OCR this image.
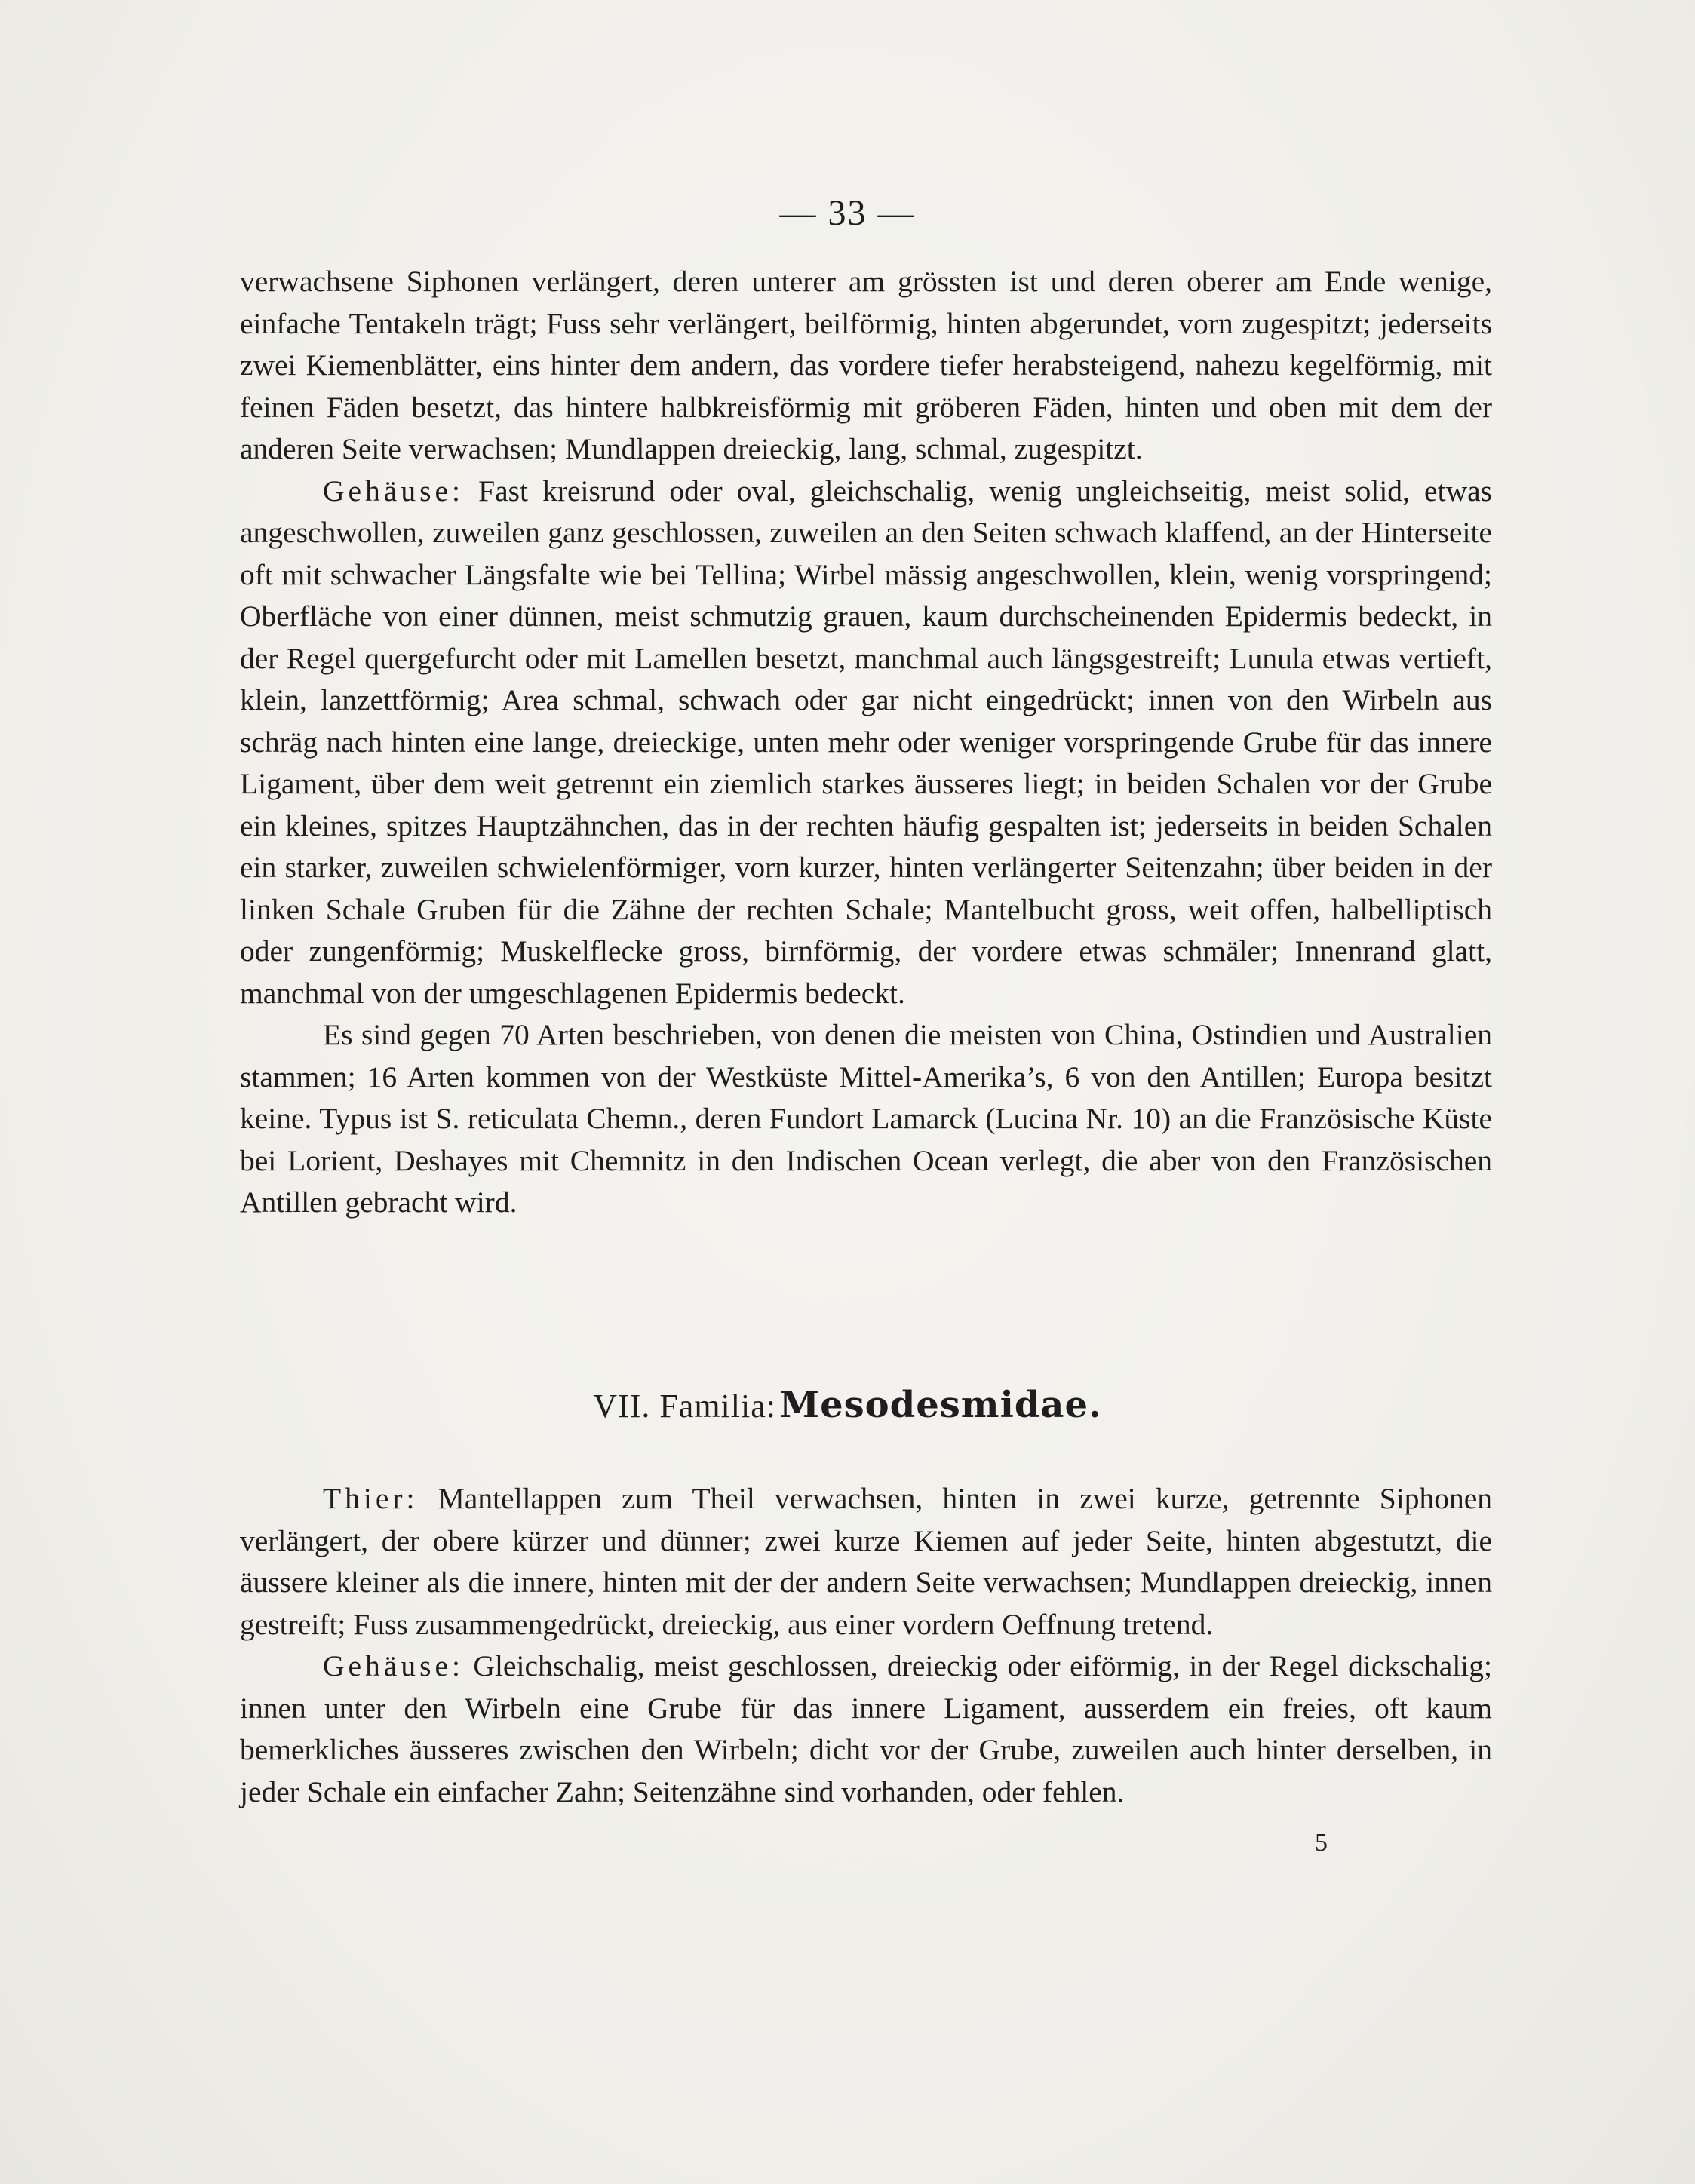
— 33 —

verwachsene Siphonen verlängert, deren unterer am grössten ist und deren oberer am Ende wenige, einfache Tentakeln trägt; Fuss sehr verlängert, beilförmig, hinten abgerundet, vorn zugespitzt; jederseits zwei Kiemenblätter, eins hinter dem andern, das vordere tiefer herabsteigend, nahezu kegelförmig, mit feinen Fäden besetzt, das hintere halbkreisförmig mit gröberen Fäden, hinten und oben mit dem der anderen Seite verwachsen; Mundlappen dreieckig, lang, schmal, zugespitzt.

Gehäuse: Fast kreisrund oder oval, gleichschalig, wenig ungleichseitig, meist solid, etwas angeschwollen, zuweilen ganz geschlossen, zuweilen an den Seiten schwach klaffend, an der Hinterseite oft mit schwacher Längsfalte wie bei Tellina; Wirbel mässig angeschwollen, klein, wenig vorspringend; Oberfläche von einer dünnen, meist schmutzig grauen, kaum durchscheinenden Epidermis bedeckt, in der Regel quergefurcht oder mit Lamellen besetzt, manchmal auch längsgestreift; Lunula etwas vertieft, klein, lanzettförmig; Area schmal, schwach oder gar nicht eingedrückt; innen von den Wirbeln aus schräg nach hinten eine lange, dreieckige, unten mehr oder weniger vorspringende Grube für das innere Ligament, über dem weit getrennt ein ziemlich starkes äusseres liegt; in beiden Schalen vor der Grube ein kleines, spitzes Hauptzähnchen, das in der rechten häufig gespalten ist; jederseits in beiden Schalen ein starker, zuweilen schwielenförmiger, vorn kurzer, hinten verlängerter Seitenzahn; über beiden in der linken Schale Gruben für die Zähne der rechten Schale; Mantelbucht gross, weit offen, halbelliptisch oder zungenförmig; Muskelflecke gross, birnförmig, der vordere etwas schmäler; Innenrand glatt, manchmal von der umgeschlagenen Epidermis bedeckt.

Es sind gegen 70 Arten beschrieben, von denen die meisten von China, Ostindien und Australien stammen; 16 Arten kommen von der Westküste Mittel-Amerika’s, 6 von den Antillen; Europa besitzt keine. Typus ist S. reticulata Chemn., deren Fundort Lamarck (Lucina Nr. 10) an die Französische Küste bei Lorient, Deshayes mit Chemnitz in den Indischen Ocean verlegt, die aber von den Französischen Antillen gebracht wird.

VII. Familia: Mesodesmidae.

Thier: Mantellappen zum Theil verwachsen, hinten in zwei kurze, getrennte Siphonen verlängert, der obere kürzer und dünner; zwei kurze Kiemen auf jeder Seite, hinten abgestutzt, die äussere kleiner als die innere, hinten mit der der andern Seite verwachsen; Mundlappen dreieckig, innen gestreift; Fuss zusammengedrückt, dreieckig, aus einer vordern Oeffnung tretend.

Gehäuse: Gleichschalig, meist geschlossen, dreieckig oder eiförmig, in der Regel dickschalig; innen unter den Wirbeln eine Grube für das innere Ligament, ausserdem ein freies, oft kaum bemerkliches äusseres zwischen den Wirbeln; dicht vor der Grube, zuweilen auch hinter derselben, in jeder Schale ein einfacher Zahn; Seitenzähne sind vorhanden, oder fehlen.

5
